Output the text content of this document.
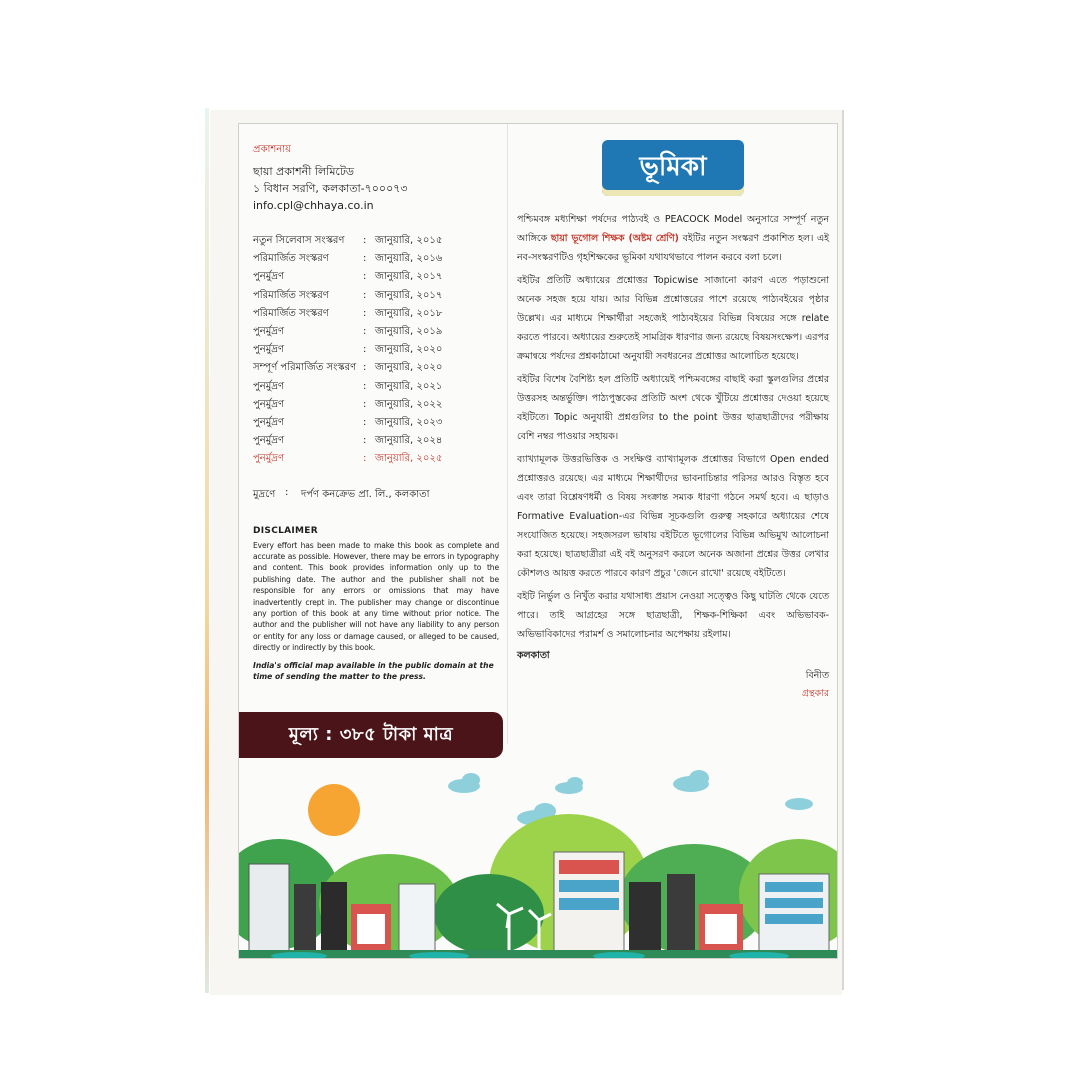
প্রকাশনায়
ছায়া প্রকাশনী লিমিটেড
১ বিধান সরণি, কলকাতা-৭০০০৭৩
info.cpl@chhaya.co.in
নতুন সিলেবাস সংস্করণ	: জানুয়ারি, ২০১৫
পরিমার্জিত সংস্করণ	: জানুয়ারি, ২০১৬
পুনর্মুদ্রণ	: জানুয়ারি, ২০১৭
পরিমার্জিত সংস্করণ	: জানুয়ারি, ২০১৭
পরিমার্জিত সংস্করণ	: জানুয়ারি, ২০১৮
পুনর্মুদ্রণ	: জানুয়ারি, ২০১৯
পুনর্মুদ্রণ	: জানুয়ারি, ২০২০
সম্পূর্ণ পরিমার্জিত সংস্করণ : জানুয়ারি, ২০২০
পুনর্মুদ্রণ	: জানুয়ারি, ২০২১
পুনর্মুদ্রণ	: জানুয়ারি, ২০২২
পুনর্মুদ্রণ	: জানুয়ারি, ২০২৩
পুনর্মুদ্রণ	: জানুয়ারি, ২০২৪
পুনর্মুদ্রণ	: জানুয়ারি, ২০২৫
মুদ্রণে :	দর্পণ কনক্রেভ প্রা. লি., কলকাতা
DISCLAIMER
Every effort has been made to make this book as complete and accurate as possible. However, there may be errors in typography and content. This book provides information only up to the publishing date. The author and the publisher shall not be responsible for any errors or omissions that may have inadvertently crept in. The publisher may change or discontinue any portion of this book at any time without prior notice. The author and the publisher will not have any liability to any person or entity for any loss or damage caused, or alleged to be caused, directly or indirectly by this book.
India's official map available in the public domain at the time of sending the matter to the press.
মূল্য : ৩৮৫ টাকা মাত্র
ভূমিকা

পশ্চিমবঙ্গ মধ্যশিক্ষা পর্ষদের পাঠ্যবই ও PEACOCK Model অনুসারে সম্পূর্ণ নতুন আঙ্গিকে ছায়া ভূগোল শিক্ষক (অষ্টম শ্রেণি) বইটির নতুন সংস্করণ প্রকাশিত হল। এই নব-সংস্করণটিও গৃহশিক্ষকের ভূমিকা যথাযথভাবে পালন করবে বলা চলে।

বইটির প্রতিটি অধ্যায়ের প্রশ্নোত্তর Topicwise সাজানো কারণ এতে পড়াশুনো অনেক সহজ হয়ে যায়। আর বিভিন্ন প্রশ্নোত্তরের পাশে রয়েছে পাঠ্যবইয়ের পৃষ্ঠার উল্লেখ। এর মাধ্যমে শিক্ষার্থীরা সহজেই পাঠ্যবইয়ের বিভিন্ন বিষয়ের সঙ্গে relate করতে পারবে। অধ্যায়ের শুরুতেই সামগ্রিক ধারণার জন্য রয়েছে বিষয়সংক্ষেপ। এরপর ক্রমান্বয়ে পর্ষদের প্রশ্নকাঠামো অনুযায়ী সবধরনের প্রশ্নোত্তর আলোচিত হয়েছে।

বইটির বিশেষ বৈশিষ্ট্য হল প্রতিটি অধ্যায়েই পশ্চিমবঙ্গের বাছাই করা স্কুলগুলির প্রশ্নের উত্তরসহ অন্তর্ভুক্তি। পাঠ্যপুস্তকের প্রতিটি অংশ থেকে খুঁটিয়ে প্রশ্নোত্তর দেওয়া হয়েছে বইটিতে। Topic অনুযায়ী প্রশ্নগুলির to the point উত্তর ছাত্রছাত্রীদের পরীক্ষায় বেশি নম্বর পাওয়ার সহায়ক।

ব্যাখ্যামূলক উত্তরভিত্তিক ও সংক্ষিপ্ত ব্যাখ্যামূলক প্রশ্নোত্তর বিভাগে Open ended প্রশ্নোত্তরও রয়েছে। এর মাধ্যমে শিক্ষার্থীদের ভাবনাচিন্তার পরিসর আরও বিস্তৃত হবে এবং তারা বিশ্লেষণধর্মী ও বিষয় সংক্রান্ত সম্যক ধারণা গঠনে সমর্থ হবে। এ ছাড়াও Formative Evaluation-এর বিভিন্ন সূচকগুলি গুরুত্ব সহকারে অধ্যায়ের শেষে সংযোজিত হয়েছে। সহজসরল ভাষায় বইটিতে ভূগোলের বিভিন্ন অভিমুখ আলোচনা করা হয়েছে। ছাত্রছাত্রীরা এই বই অনুসরণ করলে অনেক অজানা প্রশ্নের উত্তর লেখার কৌশলও আয়ত্ত করতে পারবে কারণ প্রচুর 'জেনে রাখো' রয়েছে বইটিতে।

বইটি নির্ভুল ও নিখুঁত করার যথাসাধ্য প্রয়াস নেওয়া সত্ত্বেও কিছু ঘাটতি থেকে যেতে পারে। তাই আগ্রহের সঙ্গে ছাত্রছাত্রী, শিক্ষক-শিক্ষিকা এবং অভিভাবক-অভিভাবিকাদের পরামর্শ ও সমালোচনার অপেক্ষায় রইলাম।

কলকাতা
বিনীত
গ্রন্থকার
